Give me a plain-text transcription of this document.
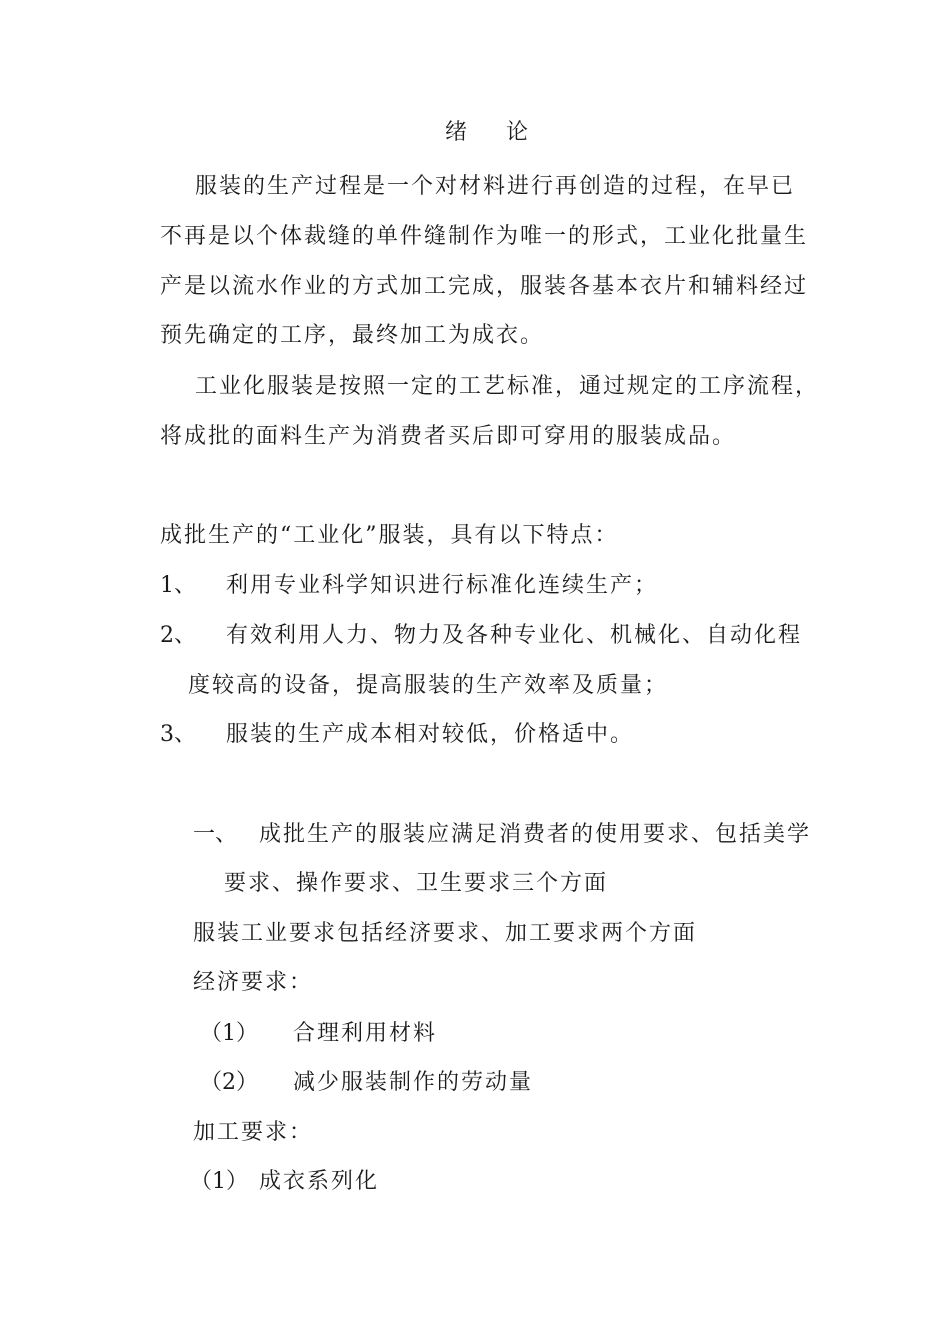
绪 论
服装的生产过程是一个对材料进行再创造的过程，在早已
不再是以个体裁缝的单件缝制作为唯一的形式，工业化批量生
产是以流水作业的方式加工完成，服装各基本衣片和辅料经过
预先确定的工序，最终加工为成衣。
工业化服装是按照一定的工艺标准，通过规定的工序流程，
将成批的面料生产为消费者买后即可穿用的服装成品。
成批生产的“工业化”服装，具有以下特点：
1、 利用专业科学知识进行标准化连续生产；
2、 有效利用人力、物力及各种专业化、机械化、自动化程
度较高的设备，提高服装的生产效率及质量；
3、 服装的生产成本相对较低，价格适中。
一、 成批生产的服装应满足消费者的使用要求、包括美学
要求、操作要求、卫生要求三个方面
服装工业要求包括经济要求、加工要求两个方面
经济要求：
（1） 合理利用材料
（2） 减少服装制作的劳动量
加工要求：
（1） 成衣系列化
